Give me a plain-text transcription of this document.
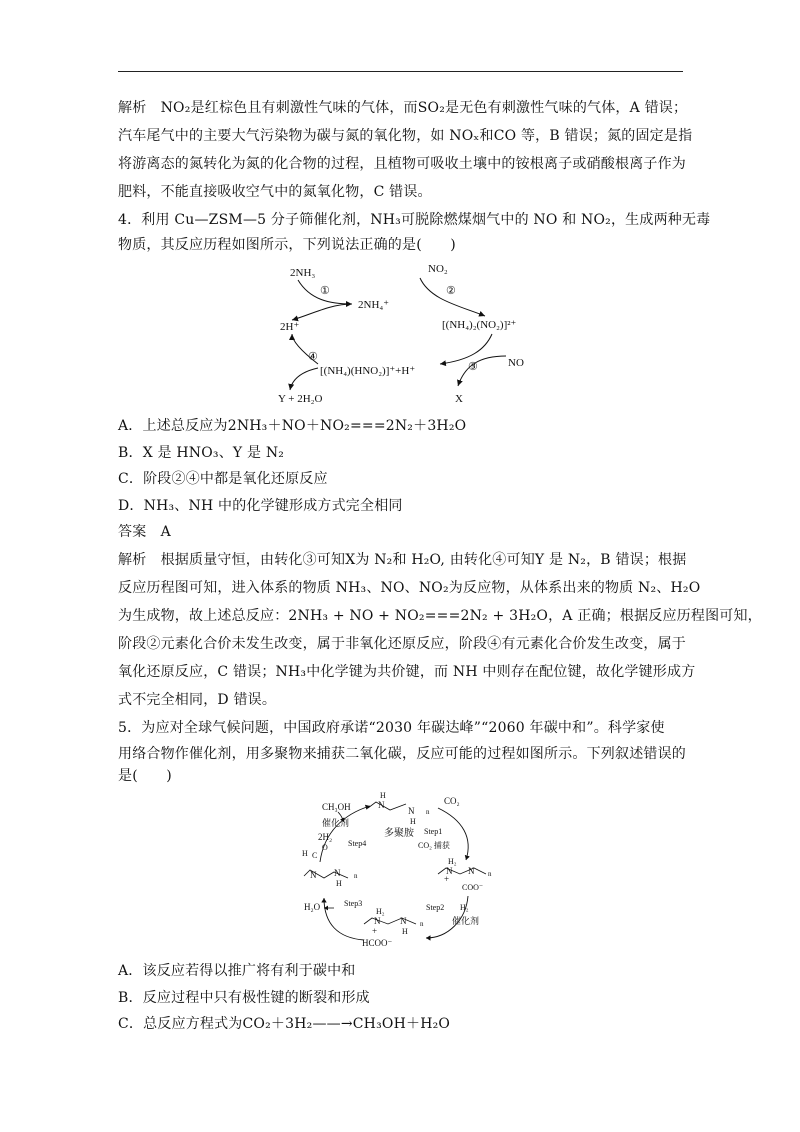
解析　NO₂是红棕色且有刺激性气味的气体，而SO₂是无色有刺激性气味的气体，A 错误；
汽车尾气中的主要大气污染物为碳与氮的氧化物，如 NOₓ和CO 等，B 错误；氮的固定是指
将游离态的氮转化为氮的化合物的过程，且植物可吸收土壤中的铵根离子或硝酸根离子作为
肥料，不能直接吸收空气中的氮氧化物，C 错误。
4．利用 Cu—ZSM—5 分子筛催化剂，NH₃可脱除燃煤烟气中的 NO 和 NO₂，生成两种无毒
物质，其反应历程如图所示，下列说法正确的是(　　)
2NH₃
2NH₄⁺
NO₂
2H⁺	[(NH₄)₂(NO₂)]²⁺
NO
[(NH₄)(HNO₂)]⁺+H⁺
Y + 2H₂O	X
①	②
③
④
A．上述总反应为2NH₃＋NO＋NO₂===2N₂＋3H₂O
B．X 是 HNO₃、Y 是 N₂
C．阶段②④中都是氧化还原反应
D．NH₃、NH 中的化学键形成方式完全相同
答案　A
解析　根据质量守恒，由转化③可知X为 N₂和 H₂O, 由转化④可知Y 是 N₂，B 错误；根据
反应历程图可知，进入体系的物质 NH₃、NO、NO₂为反应物，从体系出来的物质 N₂、H₂O
为生成物，故上述总反应：2NH₃ + NO + NO₂===2N₂ + 3H₂O，A 正确；根据反应历程图可知，
阶段②元素化合价未发生改变，属于非氧化还原反应，阶段④有元素化合价发生改变，属于
氧化还原反应，C 错误；NH₃中化学键为共价键，而 NH 中则存在配位键，故化学键形成方
式不完全相同，D 错误。
5．为应对全球气候问题，中国政府承诺“2030 年碳达峰”“2060 年碳中和”。科学家使
用络合物作催化剂，用多聚物来捕获二氧化碳，反应可能的过程如图所示。下列叙述错误的
是(　　)
H
N
N
H
n
多聚胺
CH₃OH
催化剂
2H₂
Step4
CO₂
Step1
CO₂ 捕获
H C
O
N N
H
n
H₂
N
+
N n
COO⁻
H₂O	Step3	Step2 H₂
催化剂
H₂
N
+
N
H
n
HCOO⁻
A．该反应若得以推广将有利于碳中和
B．反应过程中只有极性键的断裂和形成
C．总反应方程式为CO₂＋3H₂——→CH₃OH＋H₂O
